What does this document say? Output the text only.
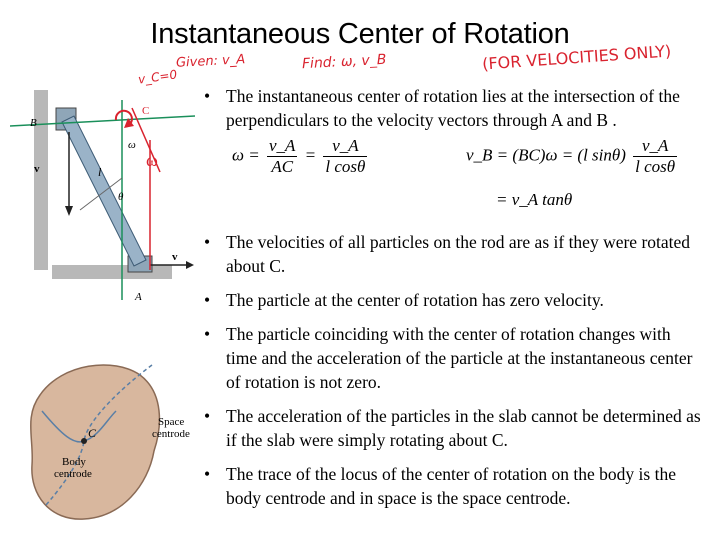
Instantaneous Center of Rotation
v_C=0
Given: v_A	Find: ω, v_B	(FOR VELOCITIES ONLY)
C
B
v
ω
ω
l
θ
v
A
C
Space
centrode
Body
centrode
• The instantaneous center of rotation lies at the intersection of the perpendiculars to the velocity vectors through A and B .
$\omega = \frac{v\_A}{AC} = \frac{v\_A}{\text{l cosθ}}$	v_B = (BC)ω = (l $\sin\theta) \frac{v\_A}{\text{l cosθ}}$
= v_A tanθ
• The velocities of all particles on the rod are as if they were rotated about C.
• The particle at the center of rotation has zero velocity.
• The particle coinciding with the center of rotation changes with time and the acceleration of the particle at the instantaneous center of rotation is not zero.
• The acceleration of the particles in the slab cannot be determined as if the slab were simply rotating about C.
• The trace of the locus of the center of rotation on the body is the body centrode and in space is the space centrode.
